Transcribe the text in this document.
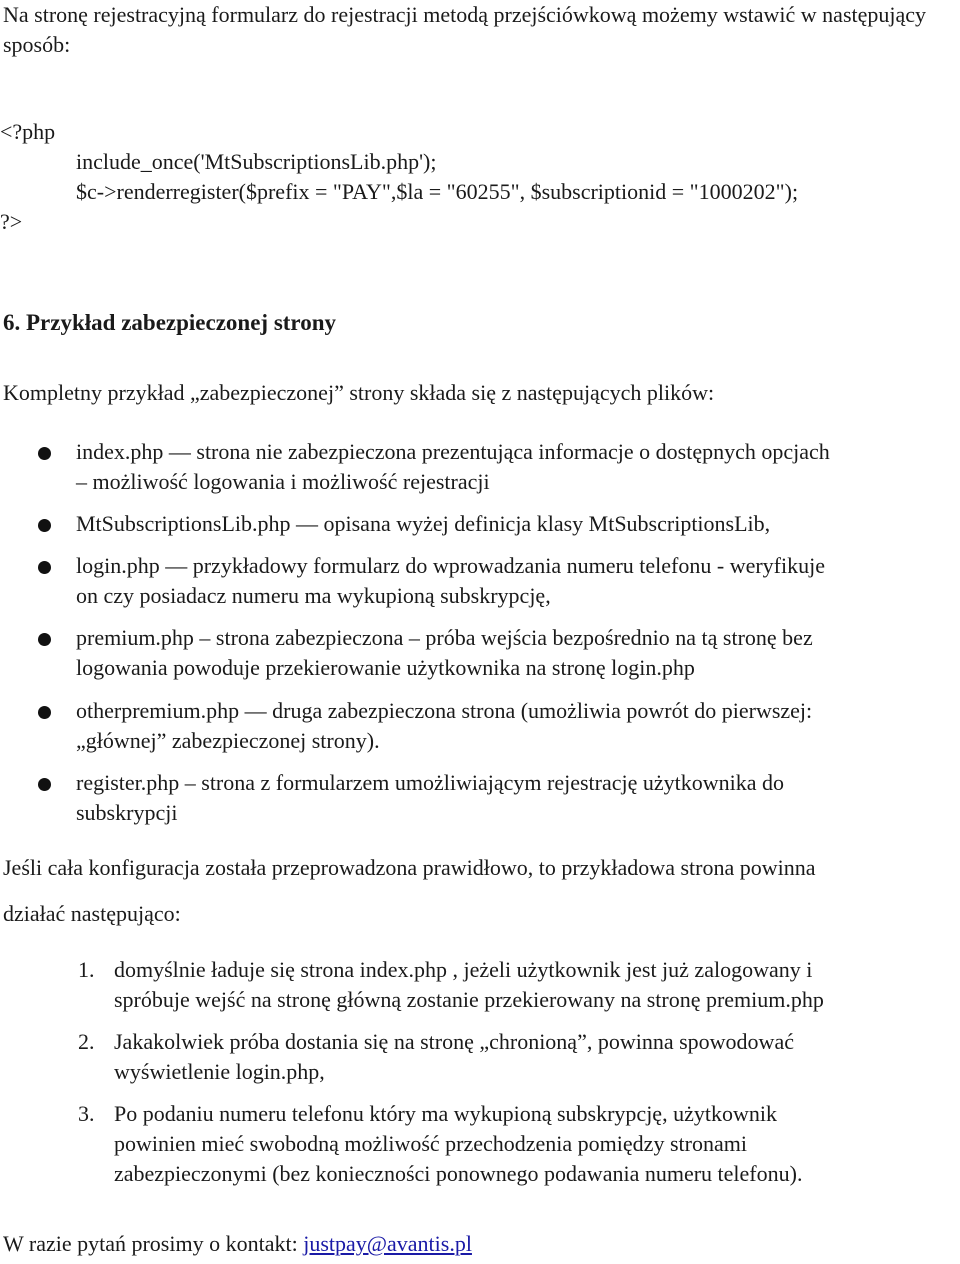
Na stronę rejestracyjną formularz do rejestracji metodą przejściówkową możemy wstawić w następujący sposób:
<?php
include_once('MtSubscriptionsLib.php');
$c->renderregister($prefix = "PAY",$la = "60255", $subscriptionid = "1000202");
?>
6. Przykład zabezpieczonej strony
Kompletny przykład „zabezpieczonej” strony składa się z następujących plików:
index.php — strona nie zabezpieczona prezentująca informacje o dostępnych opcjach
– możliwość logowania i możliwość rejestracji
MtSubscriptionsLib.php — opisana wyżej definicja klasy MtSubscriptionsLib,
login.php — przykładowy formularz do wprowadzania numeru telefonu - weryfikuje
on czy posiadacz numeru ma wykupioną subskrypcję,
premium.php – strona zabezpieczona – próba wejścia bezpośrednio na tą stronę bez
logowania powoduje przekierowanie użytkownika na stronę login.php
otherpremium.php — druga zabezpieczona strona (umożliwia powrót do pierwszej:
„głównej” zabezpieczonej strony).
register.php – strona z formularzem umożliwiającym rejestrację użytkownika do
subskrypcji
Jeśli cała konfiguracja została przeprowadzona prawidłowo, to przykładowa strona powinna
działać następująco:
1. domyślnie ładuje się strona index.php , jeżeli użytkownik jest już zalogowany i
spróbuje wejść na stronę główną zostanie przekierowany na stronę premium.php
2. Jakakolwiek próba dostania się na stronę „chronioną”, powinna spowodować
wyświetlenie login.php,
3. Po podaniu numeru telefonu który ma wykupioną subskrypcję, użytkownik
powinien mieć swobodną możliwość przechodzenia pomiędzy stronami
zabezpieczonymi (bez konieczności ponownego podawania numeru telefonu).
W razie pytań prosimy o kontakt: justpay@avantis.pl
